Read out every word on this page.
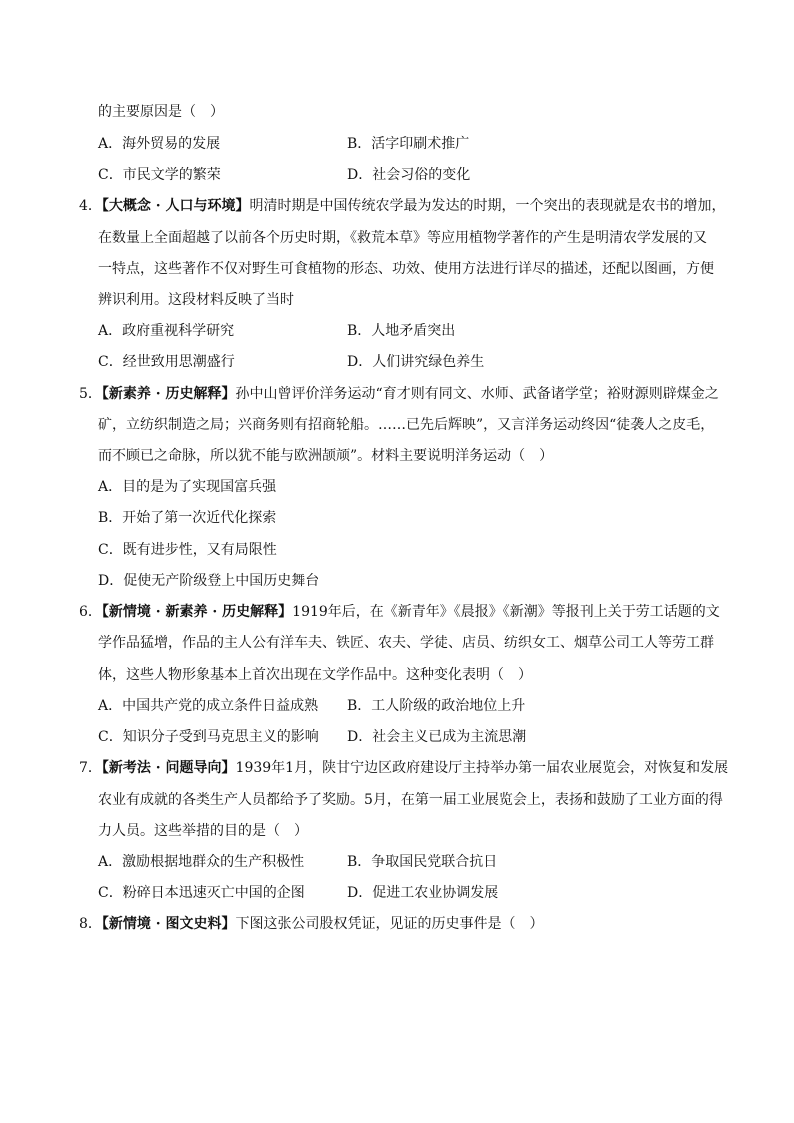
的主要原因是（　）
A．海外贸易的发展	B．活字印刷术推广
C．市民文学的繁荣	D．社会习俗的变化
4．【大概念 · 人口与环境】明清时期是中国传统农学最为发达的时期，一个突出的表现就是农书的增加，
在数量上全面超越了以前各个历史时期，《救荒本草》等应用植物学著作的产生是明清农学发展的又
一特点，这些著作不仅对野生可食植物的形态、功效、使用方法进行详尽的描述，还配以图画，方便
辨识利用。这段材料反映了当时
A．政府重视科学研究	B．人地矛盾突出
C．经世致用思潮盛行	D．人们讲究绿色养生
5．【新素养 · 历史解释】孙中山曾评价洋务运动“育才则有同文、水师、武备诸学堂；裕财源则辟煤金之
矿，立纺织制造之局；兴商务则有招商轮船。……已先后辉映”，又言洋务运动终因“徒袭人之皮毛，
而不顾已之命脉，所以犹不能与欧洲颉颃”。材料主要说明洋务运动（　）
A．目的是为了实现国富兵强
B．开始了第一次近代化探索
C．既有进步性，又有局限性
D．促使无产阶级登上中国历史舞台
6．【新情境 · 新素养 · 历史解释】1919年后，在《新青年》《晨报》《新潮》等报刊上关于劳工话题的文
学作品猛增，作品的主人公有洋车夫、铁匠、农夫、学徒、店员、纺织女工、烟草公司工人等劳工群
体，这些人物形象基本上首次出现在文学作品中。这种变化表明（　）
A．中国共产党的成立条件日益成熟 B．工人阶级的政治地位上升
C．知识分子受到马克思主义的影响 D．社会主义已成为主流思潮
7．【新考法 · 问题导向】1939年1月，陕甘宁边区政府建设厅主持举办第一届农业展览会，对恢复和发展
农业有成就的各类生产人员都给予了奖励。5月，在第一届工业展览会上，表扬和鼓励了工业方面的得
力人员。这些举措的目的是（　）
A．激励根据地群众的生产积极性	B．争取国民党联合抗日
C．粉碎日本迅速灭亡中国的企图	D．促进工农业协调发展
8．【新情境 · 图文史料】下图这张公司股权凭证，见证的历史事件是（　）
